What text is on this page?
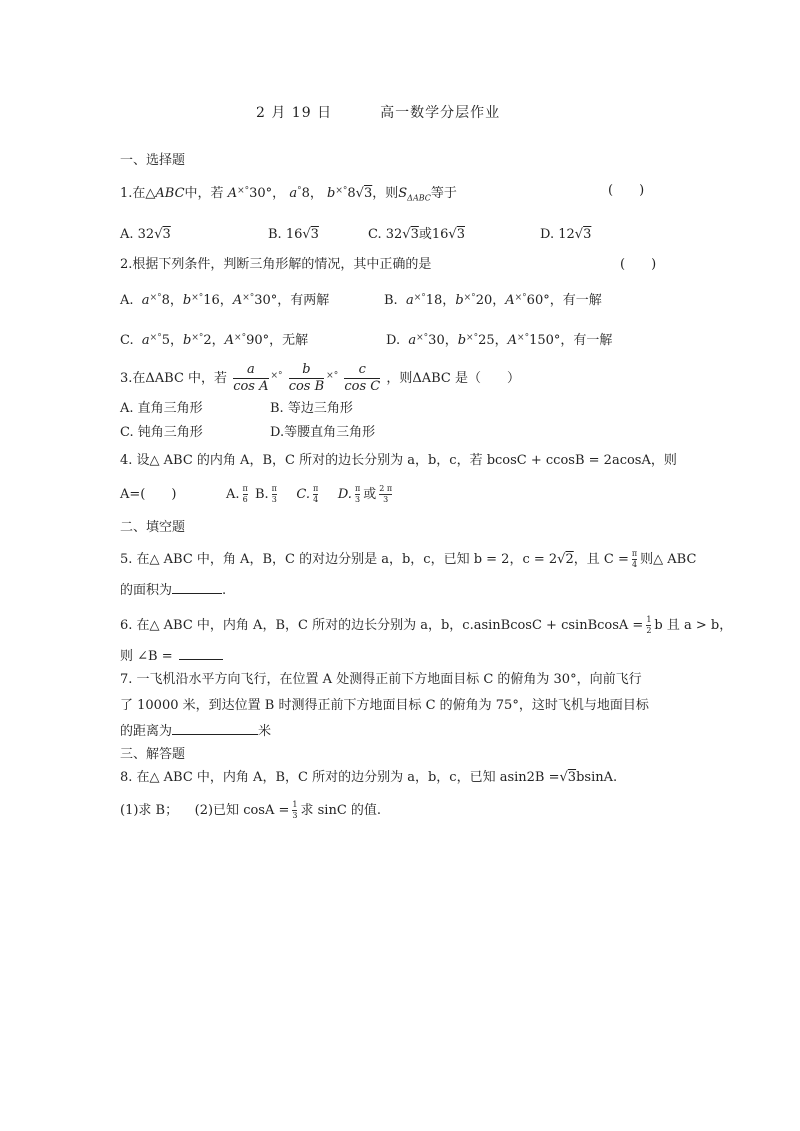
2 月 19 日	高一数学分层作业
一、选择题
1.在△ABC中，若 A×°30°， a°8， b×°8√3，则$S_{\Delta ABC}$等于	(　　)
A. 32√3	B. 16√3	C. 32√3或16√3	D. 12√3
2.根据下列条件，判断三角形解的情况，其中正确的是	(　　)
A. a×°8，b×°16，A×°30°，有两解	B. a×°18，b×°20，A×°60°，有一解
C. a×°5，b×°2，A×°90°，无解	D. a×°30，b×°25，A×°150°，有一解
3.在ΔABC 中，若 $\frac{a}{\text{cos A}} ^{\times^\circ} \frac{b}{\text{cos B}} ^{\times^\circ} \frac{c}{\text{cos C}}$ ，则ΔABC 是（　　）
A. 直角三角形	B. 等边三角形
C. 钝角三角形	D.等腰直角三角形
4. 设△ ABC 的内角 A，B，C 所对的边长分别为 a，b，c，若 bcosC + ccosB = 2acosA，则
A=(　　)	A. $\frac{\pi}{6} B$. $\frac{\pi}{3} C$. $\frac{\pi}{4} D$. $\frac{\pi}{3}$ 或 $\frac{2 \pi}{3}$
二、填空题
5. 在△ ABC 中，角 A，B，C 的对边分别是 a，b，c，已知 b = 2，c = 2√2，且 $C = \frac{\pi}{4}$ 则△ ABC
的面积为	.
6. 在△ ABC 中，内角 A，B，C 所对的边长分别为 a，b，c.asinBcosC + csinBcosA = $\frac{1}{2}$ b 且 a > b，
则 ∠B =
7. 一飞机沿水平方向飞行，在位置 A 处测得正前下方地面目标 C 的俯角为 30°，向前飞行
了 10000 米，到达位置 B 时测得正前下方地面目标 C 的俯角为 75°，这时飞机与地面目标
的距离为	米
三、解答题
8. 在△ ABC 中，内角 A，B，C 所对的边分别为 a，b，c，已知 asin2B =√3bsinA.
(1)求 B； (2)已知 $\cos A = \frac{1}{3}$ 求 sinC 的值.
